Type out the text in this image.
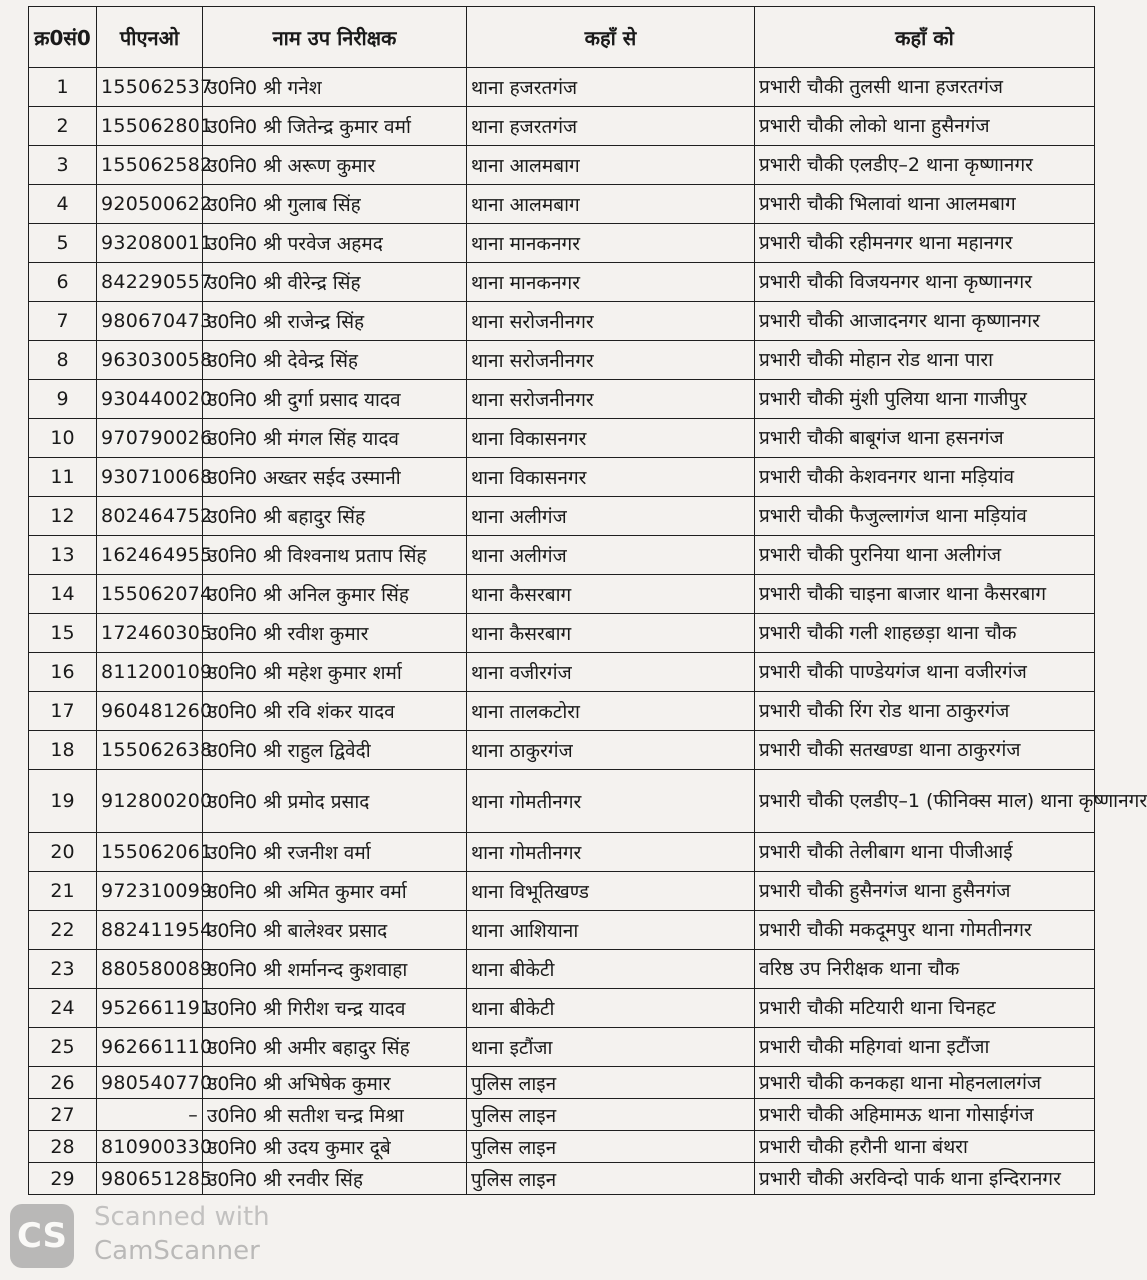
क्र0सं0	पीएनओ	नाम उप निरीक्षक	कहाँ से	कहाँ को
1	155062537	उ0नि0 श्री गनेश	थाना हजरतगंज	प्रभारी चौकी तुलसी थाना हजरतगंज
2	155062801	उ0नि0 श्री जितेन्द्र कुमार वर्मा	थाना हजरतगंज	प्रभारी चौकी लोको थाना हुसैनगंज
3	155062582	उ0नि0 श्री अरूण कुमार	थाना आलमबाग	प्रभारी चौकी एलडीए–2 थाना कृष्णानगर
4	920500622	उ0नि0 श्री गुलाब सिंह	थाना आलमबाग	प्रभारी चौकी भिलावां थाना आलमबाग
5	932080011	उ0नि0 श्री परवेज अहमद	थाना मानकनगर	प्रभारी चौकी रहीमनगर थाना महानगर
6	842290557	उ0नि0 श्री वीरेन्द्र सिंह	थाना मानकनगर	प्रभारी चौकी विजयनगर थाना कृष्णानगर
7	980670473	उ0नि0 श्री राजेन्द्र सिंह	थाना सरोजनीनगर	प्रभारी चौकी आजादनगर थाना कृष्णानगर
8	963030058	उ0नि0 श्री देवेन्द्र सिंह	थाना सरोजनीनगर	प्रभारी चौकी मोहान रोड थाना पारा
9	930440020	उ0नि0 श्री दुर्गा प्रसाद यादव	थाना सरोजनीनगर	प्रभारी चौकी मुंशी पुलिया थाना गाजीपुर
10	970790026	उ0नि0 श्री मंगल सिंह यादव	थाना विकासनगर	प्रभारी चौकी बाबूगंज थाना हसनगंज
11	930710068	उ0नि0 अख्तर सईद उस्मानी	थाना विकासनगर	प्रभारी चौकी केशवनगर थाना मड़ियांव
12	802464752	उ0नि0 श्री बहादुर सिंह	थाना अलीगंज	प्रभारी चौकी फैजुल्लागंज थाना मड़ियांव
13	162464955	उ0नि0 श्री विश्वनाथ प्रताप सिंह	थाना अलीगंज	प्रभारी चौकी पुरनिया थाना अलीगंज
14	155062074	उ0नि0 श्री अनिल कुमार सिंह	थाना कैसरबाग	प्रभारी चौकी चाइना बाजार थाना कैसरबाग
15	172460305	उ0नि0 श्री रवीश कुमार	थाना कैसरबाग	प्रभारी चौकी गली शाहछड़ा थाना चौक
16	811200109	उ0नि0 श्री महेश कुमार शर्मा	थाना वजीरगंज	प्रभारी चौकी पाण्डेयगंज थाना वजीरगंज
17	960481260	उ0नि0 श्री रवि शंकर यादव	थाना तालकटोरा	प्रभारी चौकी रिंग रोड थाना ठाकुरगंज
18	155062638	उ0नि0 श्री राहुल द्विवेदी	थाना ठाकुरगंज	प्रभारी चौकी सतखण्डा थाना ठाकुरगंज
19	912800200	उ0नि0 श्री प्रमोद प्रसाद	थाना गोमतीनगर	प्रभारी चौकी एलडीए–1 (फीनिक्स माल) थाना कृष्णानगर
20	155062061	उ0नि0 श्री रजनीश वर्मा	थाना गोमतीनगर	प्रभारी चौकी तेलीबाग थाना पीजीआई
21	972310099	उ0नि0 श्री अमित कुमार वर्मा	थाना विभूतिखण्ड	प्रभारी चौकी हुसैनगंज थाना हुसैनगंज
22	882411954	उ0नि0 श्री बालेश्वर प्रसाद	थाना आशियाना	प्रभारी चौकी मकदूमपुर थाना गोमतीनगर
23	880580089	उ0नि0 श्री शर्मानन्द कुशवाहा	थाना बीकेटी	वरिष्ठ उप निरीक्षक थाना चौक
24	952661191	उ0नि0 श्री गिरीश चन्द्र यादव	थाना बीकेटी	प्रभारी चौकी मटियारी थाना चिनहट
25	962661110	उ0नि0 श्री अमीर बहादुर सिंह	थाना इटौंजा	प्रभारी चौकी महिगवां थाना इटौंजा
26	980540770	उ0नि0 श्री अभिषेक कुमार	पुलिस लाइन	प्रभारी चौकी कनकहा थाना मोहनलालगंज
27	–	उ0नि0 श्री सतीश चन्द्र मिश्रा	पुलिस लाइन	प्रभारी चौकी अहिमामऊ थाना गोसाईगंज
28	810900330	उ0नि0 श्री उदय कुमार दूबे	पुलिस लाइन	प्रभारी चौकी हरौनी थाना बंथरा
29	980651285	उ0नि0 श्री रनवीर सिंह	पुलिस लाइन	प्रभारी चौकी अरविन्दो पार्क थाना इन्दिरानगर
CS Scanned with
CamScanner
